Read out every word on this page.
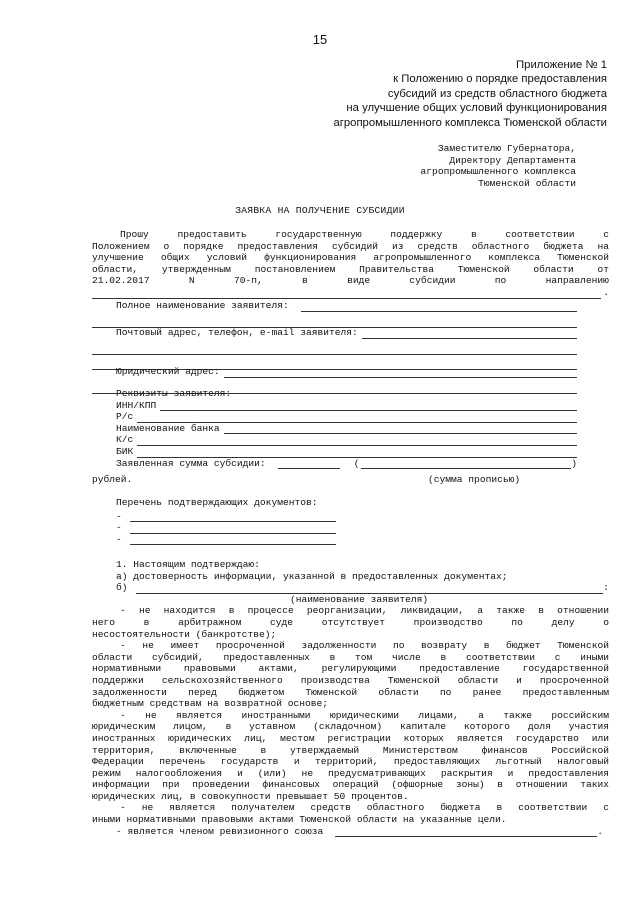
15
Приложение № 1
к Положению о порядке предоставления
субсидий из средств областного бюджета
на улучшение общих условий функционирования
агропромышленного комплекса Тюменской области
Заместителю Губернатора,
Директору Департамента
агропромышленного комплекса
Тюменской области
ЗАЯВКА НА ПОЛУЧЕНИЕ СУБСИДИИ
Прошу предоставить государственную поддержку в соответствии с
Положением о порядке предоставления субсидий из средств областного бюджета на
улучшение общих условий функционирования агропромышленного комплекса Тюменской
области, утвержденным постановлением Правительства Тюменской области от
21.02.2017	N	70-п,	в	виде	субсидии	по	направлению
.
Полное наименование заявителя:
Почтовый адрес, телефон, e-mail заявителя:
Юридический адрес:
Реквизиты заявителя:
ИНН/КПП
Р/с
Наименование банка
К/с
БИК
Заявленная сумма субсидии:	(	)
рублей.	(сумма прописью)
Перечень подтверждающих документов:
-
-
-
1. Настоящим подтверждаю:
а) достоверность информации, указанной в предоставленных документах;
б)	:
(наименование заявителя)
- не находится в процессе реорганизации, ликвидации, а также в отношении
него в арбитражном суде отсутствует производство по делу о
несостоятельности (банкротстве);
- не имеет просроченной задолженности по возврату в бюджет Тюменской
области субсидий, предоставленных в том числе в соответствии с иными
нормативными правовыми актами, регулирующими предоставление государственной
поддержки сельскохозяйственного производства Тюменской области и просроченной
задолженности перед бюджетом Тюменской области по ранее предоставленным
бюджетным средствам на возвратной основе;
- не является иностранными юридическими лицами, а также российским
юридическим лицом, в уставном (складочном) капитале которого доля участия
иностранных юридических лиц, местом регистрации которых является государство или
территория, включенные в утверждаемый Министерством финансов Российской
Федерации перечень государств и территорий, предоставляющих льготный налоговый
режим налогообложения и (или) не предусматривающих раскрытия и предоставления
информации при проведении финансовых операций (офшорные зоны) в отношении таких
юридических лиц, в совокупности превышает 50 процентов.
- не является получателем средств областного бюджета в соответствии с
иными нормативными правовыми актами Тюменской области на указанные цели.
- является членом ревизионного союза	.
